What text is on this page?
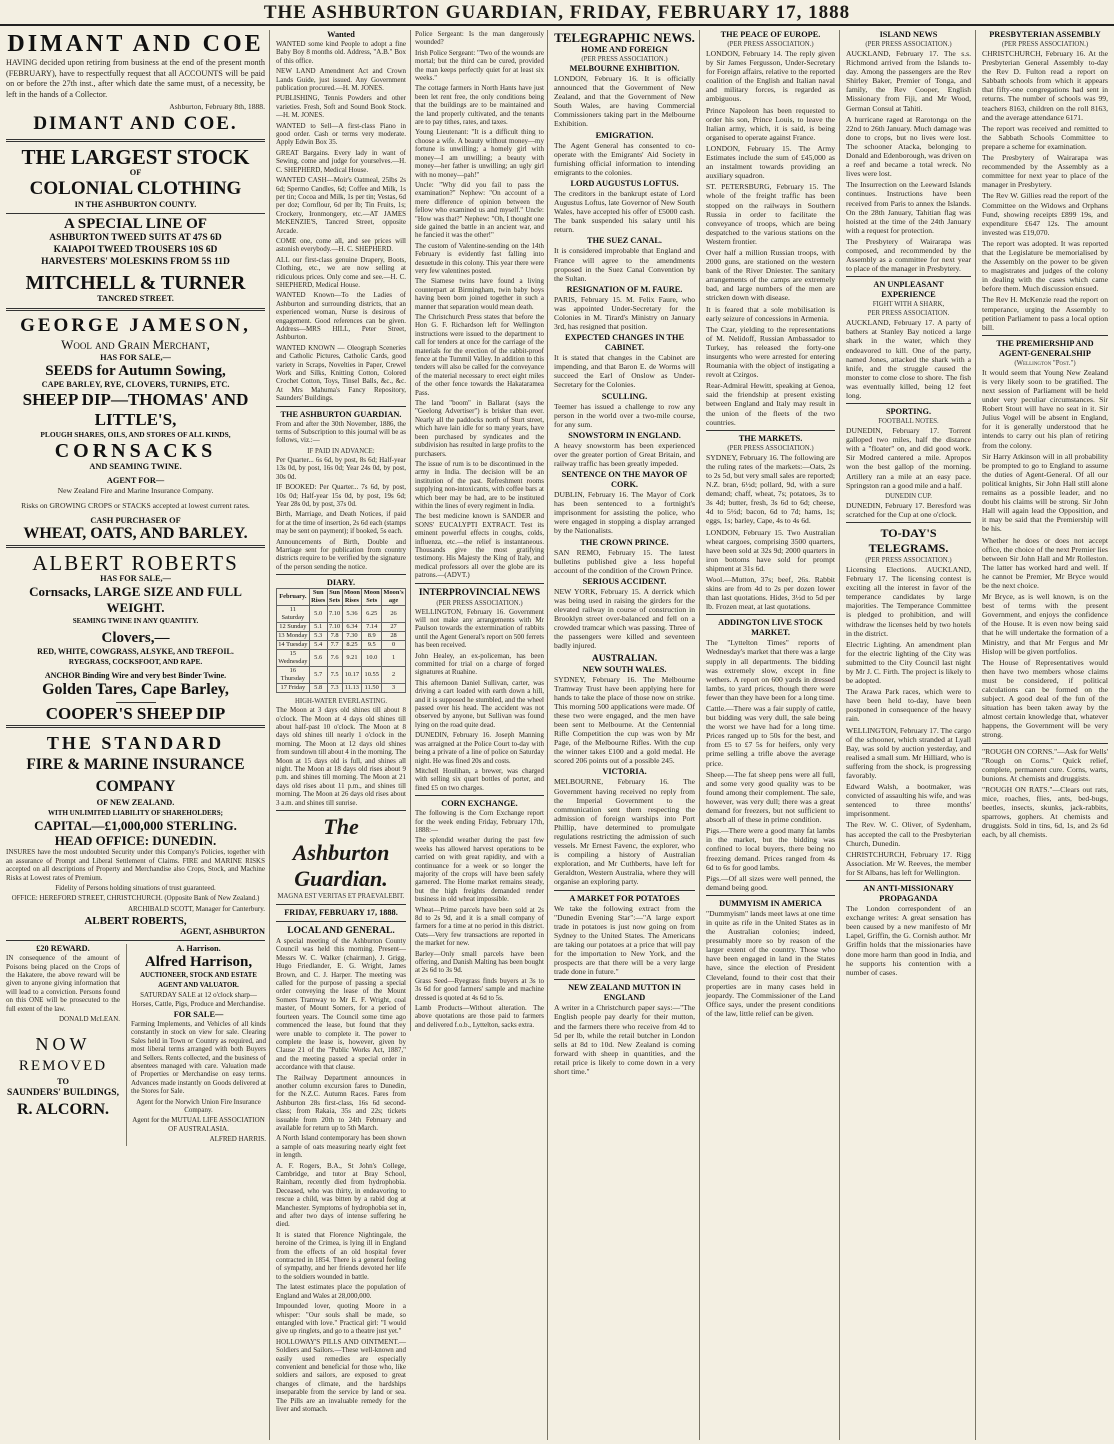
THE ASHBURTON GUARDIAN, FRIDAY, FEBRUARY 17, 1888
DIMANT AND COE

HAVING decided upon retiring from business at the end of the present month (FEBRUARY), have to respectfully request that all ACCOUNTS will be paid on or before the 27th inst., after which date the same must, of a necessity, be left in the hands of a Collector.

Ashburton, February 8th, 1888.

DIMANT AND COE.
THE LARGEST STOCK
OF
COLONIAL CLOTHING
IN THE ASHBURTON COUNTY.
A SPECIAL LINE OF
ASHBURTON TWEED SUITS AT 47S 6D
KAIAPOI TWEED TROUSERS 10S 6D
HARVESTERS' MOLESKINS FROM 5S 11D
MITCHELL & TURNER
TANCRED STREET.
GEORGE JAMESON,
Wool and Grain Merchant,
HAS FOR SALE,—
SEEDS for Autumn Sowing,
CAPE BARLEY, RYE, CLOVERS, TURNIPS, ETC.
SHEEP DIP—THOMAS' AND LITTLE'S,
PLOUGH SHARES, OILS, AND STORES OF ALL KINDS,
CORNSACKS
AND SEAMING TWINE.
AGENT FOR—

New Zealand Fire and Marine Insurance Company.

Risks on GROWING CROPS or STACKS accepted at lowest current rates.

CASH PURCHASER OF
WHEAT, OATS, AND BARLEY.
ALBERT ROBERTS
HAS FOR SALE,—
Cornsacks, LARGE SIZE AND FULL WEIGHT.
SEAMING TWINE IN ANY QUANTITY.
Clovers,—
RED, WHITE, COWGRASS, ALSYKE, AND TREFOIL.
RYEGRASS, COCKSFOOT, AND RAPE.
ANCHOR Binding Wire and very best Binder Twine.
Golden Tares, Cape Barley,
COOPER'S SHEEP DIP
THE STANDARD
FIRE & MARINE INSURANCE COMPANY
OF NEW ZEALAND.
WITH UNLIMITED LIABILITY OF SHAREHOLDERS;
CAPITAL—£1,000,000 STERLING.
HEAD OFFICE: DUNEDIN.

INSURES have the most undoubted Security under this Company's Policies, together with an assurance of Prompt and Liberal Settlement of Claims. FIRE and MARINE RISKS accepted on all descriptions of Property and Merchandise also Crops, Stock, and Machine Risks at Lowest rates of Premium.

Fidelity of Persons holding situations of trust guaranteed.

OFFICE: HEREFORD STREET, CHRISTCHURCH. (Opposite Bank of New Zealand.)

ARCHIBALD SCOTT, Manager for Canterbury.

ALBERT ROBERTS,
AGENT, ASHBURTON
£20 REWARD.

IN consequence of the amount of Poisons being placed on the Crops of the Hakatere, the above reward will be given to anyone giving information that will lead to a conviction. Persons found on this ONE will be prosecuted to the full extent of the law.

DONALD McLEAN.

NOW
REMOVED
TO
SAUNDERS' BUILDINGS,
R. ALCORN.
A. Harrison.
Alfred Harrison,
AUCTIONEER, STOCK AND ESTATE AGENT AND VALUATOR.

SATURDAY SALE at 12 o'clock sharp—Horses, Cattle, Pigs, Produce and Merchandise.

FOR SALE—

Farming Implements, and Vehicles of all kinds constantly in stock on view for sale. Clearing Sales held in Town or Country as required, and most liberal terms arranged with both Buyers and Sellers. Rents collected, and the business of absentees managed with care. Valuation made of Properties or Merchandise on easy terms. Advances made instantly on Goods delivered at the Stores for Sale.

Agent for the Norwich Union Fire Insurance Company.

Agent for the MUTUAL LIFE ASSOCIATION OF AUSTRALASIA.

ALFRED HARRIS.

Wanted

WANTED some kind People to adopt a fine Baby Boy 8 months old. Address, "A.B." Box of this office.

NEW LAND Amendment Act and Crown Lands Guide, just issued. Any Government publication procured.—H. M. JONES.

PUBLISHING, Tennis Powders and other varieties. Fresh, Soft and Sound Book Stock.—H. M. JONES.

WANTED to Sell—A first-class Piano in good order. Cash or terms very moderate. Apply Edwin Box 35.

GREAT Bargains. Every lady in want of Sewing, come and judge for yourselves.—H. C. SHEPHERD, Medical House.

WANTED CASH—Moir's Oatmeal, 25lbs 2s 6d; Spermo Candles, 6d; Coffee and Milk, 1s per tin; Cocoa and Milk, 1s per tin; Vestas, 6d per doz; Cornflour, 6d per lb; Tin Fruits, 1s; Crockery, Ironmongery, etc.—AT JAMES McKENZIE'S, Tancred Street, opposite Arcade.

COME one, come all, and see prices will astonish everybody.—H. C. SHEPHERD.

ALL our first-class genuine Drapery, Boots, Clothing, etc., we are now selling at ridiculous prices. Only come and see.—H. C. SHEPHERD, Medical House.

WANTED Known—To the Ladies of Ashburton and surrounding districts, that an experienced woman, Nurse is desirous of engagement. Good references can be given. Address—MRS HILL, Peter Street, Ashburton.

WANTED KNOWN — Oleograph Sceneries and Catholic Pictures, Catholic Cards, good variety in Scraps, Novelties in Paper, Crewel Work and Silks, Knitting Cotton, Colored Crochet Cotton, Toys, Tinsel Balls, &c., &c. At Mrs Mahuma's Fancy Repository, Saunders' Buildings.

THE ASHBURTON GUARDIAN.

From and after the 30th November, 1886, the terms of Subscription to this journal will be as follows, viz.:—

IF PAID IN ADVANCE:

Per Quarter... 6s 6d, by post, 8s 6d; Half-year 13s 0d, by post, 16s 0d; Year 24s 0d, by post, 30s 0d.

IF BOOKED: Per Quarter... 7s 6d, by post, 10s 0d; Half-year 15s 0d, by post, 19s 6d; Year 28s 0d, by post, 37s 0d.

Birth, Marriage, and Death Notices, if paid for at the time of insertion, 2s 6d each (stamps may be sent on payment); if booked, 5s each.

Announcements of Birth, Double and Marriage sent for publication from country districts require to be verified by the signature of the person sending the notice.

DIARY.
February.	Sun Rises	Sun Sets	Moon Rises	Moon Sets	Moon's age
11 Saturday	5.0	7.10	5.36	6.25	26
12 Sunday	5.1	7.10	6.34	7.14	27
13 Monday	5.3	7.8	7.30	8.9	28
14 Tuesday	5.4	7.7	8.25	9.5	0
15 Wednesday	5.6	7.6	9.21	10.0	1
16 Thursday	5.7	7.5	10.17	10.55	2
17 Friday	5.8	7.3	11.13	11.50	3
HIGH-WATER EVERLASTING.

The Moon at 3 days old shines till about 8 o'clock. The Moon at 4 days old shines till about half-past 10 o'clock. The Moon at 8 days old shines till nearly 1 o'clock in the morning. The Moon at 12 days old shines from sundown till about 4 in the morning. The Moon at 15 days old is full, and shines all night. The Moon at 18 days old rises about 9 p.m. and shines till morning. The Moon at 21 days old rises about 11 p.m., and shines till morning. The Moon at 26 days old rises about 3 a.m. and shines till sunrise.

The Ashburton Guardian.
MAGNA EST VERITAS ET PRAEVALEBIT.
FRIDAY, FEBRUARY 17, 1888.
LOCAL AND GENERAL.

A special meeting of the Ashburton County Council was held this morning. Present—Messrs W. C. Walker (chairman), J. Grigg, Hugo Friedlander, E. G. Wright, James Brown, and C. J. Harper. The meeting was called for the purpose of passing a special order conveying the lease of the Mount Somers Tramway to Mr E. F. Wright, coal master, of Mount Somers, for a period of fourteen years. The Council some time ago commenced the lease, but found that they were unable to complete it. The power to complete the lease is, however, given by Clause 21 of the "Public Works Act, 1887," and the meeting passed a special order in accordance with that clause.

The Railway Department announces in another column excursion fares to Dunedin, for the N.Z.C. Autumn Races. Fares from Ashburton 28s first-class, 16s 6d second-class; from Rakaia, 35s and 22s; tickets issuable from 20th to 24th February and available for return up to 5th March.

A North Island contemporary has been shown a sample of oats measuring nearly eight feet in length.

A. F. Rogers, B.A., St John's College, Cambridge, and tutor at Bray School, Rainham, recently died from hydrophobia. Deceased, who was thirty, in endeavoring to rescue a child, was bitten by a rabid dog at Manchester. Symptoms of hydrophobia set in, and after two days of intense suffering he died.

It is stated that Florence Nightingale, the heroine of the Crimea, is lying ill in England from the effects of an old hospital fever contracted in 1854. There is a general feeling of sympathy, and her friends devoted her life to the soldiers wounded in battle.

The latest estimates place the population of England and Wales at 28,000,000.

Impounded lover, quoting Moore in a whisper: "Our souls shall be made, so entangled with love." Practical girl: "I would give up ringlets, and go to a theatre just yet."

HOLLOWAY'S PILLS AND OINTMENT.—Soldiers and Sailors.—These well-known and easily used remedies are especially convenient and beneficial for those who, like soldiers and sailors, are exposed to great changes of climate, and the hardships inseparable from the service by land or sea. The Pills are an invaluable remedy for the liver and stomach.

Police Sergeant: Is the man dangerously wounded?

Irish Police Sergeant: "Two of the wounds are mortal; but the third can be cured, provided the man keeps perfectly quiet for at least six weeks."

The cottage farmers in North Hants have just been let rent free, the only conditions being that the buildings are to be maintained and the land properly cultivated, and the tenants are to pay tithes, rates, and taxes.

Young Lieutenant: "It is a difficult thing to choose a wife. A beauty without money—my fortune is unwilling; a homely girl with money—I am unwilling; a beauty with money—her father is unwilling; an ugly girl with no money—pah!"

Uncle: "Why did you fail to pass the examination?" Nephew: "On account of a mere difference of opinion between the fellow who examined us and myself." Uncle: "How was that?" Nephew: "Oh, I thought one side gained the battle in an ancient war, and he fancied it was the other!"

The custom of Valentine-sending on the 14th February is evidently fast falling into desuetude in this colony. This year there were very few valentines posted.

The Siamese twins have found a living counterpart at Birmingham, twin baby boys having been born joined together in such a manner that separation would mean death.

The Christchurch Press states that before the Hon G. F. Richardson left for Wellington instructions were issued to the department to call for tenders at once for the carriage of the materials for the erection of the rabbit-proof fence at the Tummil Valley. In addition to this tenders will also be called for the conveyance of the material necessary to erect eight miles of the other fence towards the Hakataramea Pass.

The land "boom" in Ballarat (says the "Geelong Advertiser") is brisker than ever. Nearly all the paddocks north of Sturt street, which have lain idle for so many years, have been purchased by syndicates and the subdivision has resulted in large profits to the purchasers.

The issue of rum is to be discontinued in the army in India. The decision will be an institution of the past. Refreshment rooms supplying non-intoxicants, with coffee bars at which beer may be had, are to be instituted within the lines of every regiment in India.

The best medicine known is SANDER and SONS' EUCALYPTI EXTRACT. Test its eminent powerful effects in coughs, colds, influenza, etc.—the relief is instantaneous. Thousands give the most gratifying testimony. His Majesty the King of Italy, and medical professors all over the globe are its patrons.—(ADVT.)

INTERPROVINCIAL NEWS
(PER PRESS ASSOCIATION.)

WELLINGTON, February 16. Government will not make any arrangements with Mr Paulson towards the extermination of rabbits until the Agent General's report on 500 ferrets has been received.

John Healey, an ex-policeman, has been committed for trial on a charge of forged signatures at Ruahine.

This afternoon Daniel Sullivan, carter, was driving a cart loaded with earth down a hill, and it is supposed he stumbled, and the wheel passed over his head. The accident was not observed by anyone, but Sullivan was found lying on the road quite dead.

DUNEDIN, February 16. Joseph Manning was arraigned at the Police Court to-day with being a private of a line of police on Saturday night. He was fined 20s and costs.

Mitchell Houlihan, a brewer, was charged with selling six quart bottles of porter, and fined £5 on two charges.

CORN EXCHANGE.

The following is the Corn Exchange report for the week ending Friday, February 17th, 1888:—

The splendid weather during the past few weeks has allowed harvest operations to be carried on with great rapidity, and with a continuance for a week or so longer the majority of the crops will have been safely garnered. The Home market remains steady, but the high freights demanded render business in old wheat impossible.

Wheat—Prime parcels have been sold at 2s 8d to 2s 9d, and it is a small company of farmers for a time at no period in this district. Oats—Very few transactions are reported in the market for new.

Barley—Only small parcels have been offering, and Danish Malting has been bought at 2s 6d to 3s 9d.

Grass Seed—Ryegrass finds buyers at 3s to 3s 6d for good farmers' sample and machine dressed is quoted at 4s 6d to 5s.

Lamb Products—Without alteration. The above quotations are those paid to farmers and delivered f.o.b., Lyttelton, sacks extra.

TELEGRAPHIC NEWS.
HOME AND FOREIGN
(PER PRESS ASSOCIATION.)
MELBOURNE EXHIBITION.

LONDON, February 16. It is officially announced that the Government of New Zealand, and that the Government of New South Wales, are having Commercial Commissioners taking part in the Melbourne Exhibition.

EMIGRATION.

The Agent General has consented to co-operate with the Emigrants' Aid Society in furnishing official information to intending emigrants to the colonies.

LORD AUGUSTUS LOFTUS.

The creditors in the bankrupt estate of Lord Augustus Loftus, late Governor of New South Wales, have accepted his offer of £5000 cash. The bank suspended his salary until his return.

THE SUEZ CANAL.

It is considered improbable that England and France will agree to the amendments proposed in the Suez Canal Convention by the Sultan.

RESIGNATION OF M. FAURE.

PARIS, February 15. M. Felix Faure, who was appointed Under-Secretary for the Colonies in M. Tirard's Ministry on January 3rd, has resigned that position.

EXPECTED CHANGES IN THE CABINET.

It is stated that changes in the Cabinet are impending, and that Baron E. de Worms will succeed the Earl of Onslow as Under-Secretary for the Colonies.

SCULLING.

Teemer has issued a challenge to row any person in the world over a two-mile course, for any sum.

SNOWSTORM IN ENGLAND.

A heavy snowstorm has been experienced over the greater portion of Great Britain, and railway traffic has been greatly impeded.

SENTENCE ON THE MAYOR OF CORK.

DUBLIN, February 16. The Mayor of Cork has been sentenced to a fortnight's imprisonment for assisting the police, who were engaged in stopping a display arranged by the Nationalists.

THE CROWN PRINCE.

SAN REMO, February 15. The latest bulletins published give a less hopeful account of the condition of the Crown Prince.

SERIOUS ACCIDENT.

NEW YORK, February 15. A derrick which was being used in raising the girders for the elevated railway in course of construction in Brooklyn street over-balanced and fell on a crowded tramcar which was passing. Three of the passengers were killed and seventeen badly injured.

AUSTRALIAN.
NEW SOUTH WALES.

SYDNEY, February 16. The Melbourne Tramway Trust have been applying here for hands to take the place of those now on strike. This morning 500 applications were made. Of these two were engaged, and the men have been sent to Melbourne. At the Centennial Rifle Competition the cup was won by Mr Page, of the Melbourne Rifles. With the cup the winner takes £100 and a gold medal. He scored 206 points out of a possible 245.

VICTORIA.

MELBOURNE, February 16. The Government having received no reply from the Imperial Government to the communication sent them respecting the admission of foreign warships into Port Phillip, have determined to promulgate regulations restricting the admission of such vessels. Mr Ernest Favenc, the explorer, who is compiling a history of Australian exploration, and Mr Cuthberts, have left for Geraldton, Western Australia, where they will organise an exploring party.

A MARKET FOR POTATOES

We take the following extract from the "Dunedin Evening Star":—"A large export trade in potatoes is just now going on from Sydney to the United States. The Americans are taking our potatoes at a price that will pay for the importation to New York, and the prospects are that there will be a very large trade done in future."

NEW ZEALAND MUTTON IN ENGLAND

A writer in a Christchurch paper says:—"The English people pay dearly for their mutton, and the farmers there who receive from 4d to 5d per lb, while the retail butcher in London sells at 8d to 10d. New Zealand is coming forward with sheep in quantities, and the retail price is likely to come down in a very short time."

THE PEACE OF EUROPE.
(PER PRESS ASSOCIATION.)

LONDON, February 14. The reply given by Sir James Fergusson, Under-Secretary for Foreign affairs, relative to the reported coalition of the English and Italian naval and military forces, is regarded as ambiguous.

Prince Napoleon has been requested to order his son, Prince Louis, to leave the Italian army, which, it is said, is being organised to operate against France.

LONDON, February 15. The Army Estimates include the sum of £45,000 as an instalment towards providing an auxiliary squadron.

ST. PETERSBURG, February 15. The whole of the freight traffic has been stopped on the railways in Southern Russia in order to facilitate the conveyance of troops, which are being despatched to the various stations on the Western frontier.

Over half a million Russian troops, with 2000 guns, are stationed on the western bank of the River Dniester. The sanitary arrangements of the camps are extremely bad, and large numbers of the men are stricken down with disease.

It is feared that a sole mobilisation is early seizure of concessions in Armenia.

The Czar, yielding to the representations of M. Nelidoff, Russian Ambassador to Turkey, has released the forty-one insurgents who were arrested for entering Roumania with the object of instigating a revolt at Czirgos.

Rear-Admiral Hewitt, speaking at Genoa, said the friendship at present existing between England and Italy may result in the union of the fleets of the two countries.

THE MARKETS.
(PER PRESS ASSOCIATION.)

SYDNEY, February 16. The following are the ruling rates of the markets:—Oats, 2s to 2s 5d, but very small sales are reported; N.Z. bran, 6½d; pollard, 9d, with a sure demand; chaff, wheat, 7s; potatoes, 3s to 3s 4d; butter, fresh, 3s 6d to 6d; cheese, 4d to 5½d; bacon, 6d to 7d; hams, 1s; eggs, 1s; barley, Cape, 4s to 4s 6d.

LONDON, February 15. Two Australian wheat cargoes, comprising 3500 quarters, have been sold at 32s 9d; 2000 quarters in iron bottoms have sold for prompt shipment at 31s 6d.

Wool.—Mutton, 37s; beef, 26s. Rabbit skins are from 4d to 2s per dozen lower than last quotations. Hides, 3½d to 5d per lb. Frozen meat, at last quotations.

ADDINGTON LIVE STOCK MARKET.

The "Lyttelton Times" reports of Wednesday's market that there was a large supply in all departments. The bidding was extremely slow, except in fine wethers. A report on 600 yards in dressed lambs, to yard prices, though there were fewer than they have been for a long time.

Cattle.—There was a fair supply of cattle, but bidding was very dull, the sale being the worst we have had for a long time. Prices ranged up to 50s for the best, and from £5 to £7 5s for heifers, only very prime selling a trifle above the average price.

Sheep.—The fat sheep pens were all full, and some very good quality was to be found among their complement. The sale, however, was very dull; there was a great demand for freezers, but not sufficient to absorb all of these in prime condition.

Pigs.—There were a good many fat lambs in the market, but the bidding was confined to local buyers, there being no freezing demand. Prices ranged from 4s 6d to 6s for good lambs.

Pigs.—Of all sizes were well penned, the demand being good.

DUMMYISM IN AMERICA

"Dummyism" lands meet laws at one time in quite as rife in the United States as in the Australian colonies; indeed, presumably more so by reason of the larger extent of the country. Those who have been engaged in land in the States have, since the election of President Cleveland, found to their cost that their properties are in many cases held in jeopardy. The Commissioner of the Land Office says, under the present conditions of the law, little relief can be given.

ISLAND NEWS
(PER PRESS ASSOCIATION.)

AUCKLAND, February 17. The s.s. Richmond arrived from the Islands to-day. Among the passengers are the Rev Shirley Baker, Premier of Tonga, and family, the Rev Cooper, English Missionary from Fiji, and Mr Wood, German Consul at Tahiti.

A hurricane raged at Rarotonga on the 22nd to 26th January. Much damage was done to crops, but no lives were lost. The schooner Atacka, belonging to Donald and Edenborough, was driven on a reef and became a total wreck. No lives were lost.

The Insurrection on the Leeward Islands continues. Instructions have been received from Paris to annex the Islands. On the 28th January, Tahitian flag was hoisted at the time of the 24th January with a request for protection.

The Presbytery of Wairarapa was composed, and recommended by the Assembly as a committee for next year to place of the manager in Presbytery.

AN UNPLEASANT EXPERIENCE
FIGHT WITH A SHARK,
PER PRESS ASSOCIATION.

AUCKLAND, February 17. A party of bathers at Stanley Bay noticed a large shark in the water, which they endeavored to kill. One of the party, named Jones, attacked the shark with a knife, and the struggle caused the monster to come close to shore. The fish was eventually killed, being 12 feet long.

SPORTING.
FOOTBALL NOTES.

DUNEDIN, February 17. Torrent galloped two miles, half the distance with a "floater" on, and did good work. Sir Modred cantered a mile. Apropos won the best gallop of the morning. Artillery ran a mile at an easy pace. Springston ran a good mile and a half.

DUNEDIN CUP.

DUNEDIN, February 17. Beresford was scratched for the Cup at one o'clock.

TO-DAY'S TELEGRAMS.
(PER PRESS ASSOCIATION.)

Licensing Elections. AUCKLAND, February 17. The licensing contest is exciting all the interest in favor of the temperance candidates by large majorities. The Temperance Committee is pledged to prohibition, and will withdraw the licenses held by two hotels in the district.

Electric Lighting. An amendment plan for the electric lighting of the City was submitted to the City Council last night by Mr J. C. Firth. The project is likely to be adopted.

The Arawa Park races, which were to have been held to-day, have been postponed in consequence of the heavy rain.

WELLINGTON, February 17. The cargo of the schooner, which stranded at Lyall Bay, was sold by auction yesterday, and realised a small sum. Mr Hilliard, who is suffering from the shock, is progressing favorably.

Edward Walsh, a bootmaker, was convicted of assaulting his wife, and was sentenced to three months' imprisonment.

The Rev. W. C. Oliver, of Sydenham, has accepted the call to the Presbyterian Church, Dunedin.

CHRISTCHURCH, February 17. Rigg Association. Mr W. Reeves, the member for St Albans, has left for Wellington.

AN ANTI-MISSIONARY PROPAGANDA

The London correspondent of an exchange writes: A great sensation has been caused by a new manifesto of Mr Lapel, Griffin, the G. Cornish author. Mr Griffin holds that the missionaries have done more harm than good in India, and he supports his contention with a number of cases.

PRESBYTERIAN ASSEMBLY
(PER PRESS ASSOCIATION.)

CHRISTCHURCH, February 16. At the Presbyterian General Assembly to-day the Rev D. Fulton read a report on Sabbath schools from which it appears that fifty-one congregations had sent in returns. The number of schools was 99, teachers 8163, children on the roll 8163, and the average attendance 6171.

The report was received and remitted to the Sabbath Schools Committee to prepare a scheme for examination.

The Presbytery of Wairarapa was recommended by the Assembly as a committee for next year to place of the manager in Presbytery.

The Rev W. Gillies read the report of the Committee on the Widows and Orphans Fund, showing receipts £899 19s, and expenditure £647 12s. The amount invested was £19,070.

The report was adopted. It was reported that the Legislature be memorialised by the Assembly on the power to be given to magistrates and judges of the colony in dealing with the cases which came before them. Much discussion ensued.

The Rev H. McKenzie read the report on temperance, urging the Assembly to petition Parliament to pass a local option bill.

THE PREMIERSHIP AND AGENT-GENERALSHIP
(Wellington "Post.")

It would seem that Young New Zealand is very likely soon to be gratified. The next session of Parliament will be held under very peculiar circumstances. Sir Robert Stout will have no seat in it. Sir Julius Vogel will be absent in England, for it is generally understood that he intends to carry out his plan of retiring from the colony.

Sir Harry Atkinson will in all probability be prompted to go to England to assume the duties of Agent-General. Of all our political knights, Sir John Hall still alone remains as a possible leader, and no doubt his claims will be strong. Sir John Hall will again lead the Opposition, and it may be said that the Premiership will be his.

Whether he does or does not accept office, the choice of the next Premier lies between Sir John Hall and Mr Rolleston. The latter has worked hard and well. If he cannot be Premier, Mr Bryce would be the next choice.

Mr Bryce, as is well known, is on the best of terms with the present Government, and enjoys the confidence of the House. It is even now being said that he will undertake the formation of a Ministry, and that Mr Fergus and Mr Hislop will be given portfolios.

The House of Representatives would then have two members whose claims must be considered, if political calculations can be formed on the subject. A good deal of the fun of the situation has been taken away by the almost certain knowledge that, whatever happens, the Government will be very strong.

"ROUGH ON CORNS."—Ask for Wells' "Rough on Corns." Quick relief, complete, permanent cure. Corns, warts, bunions. At chemists and druggists.

"ROUGH ON RATS."—Clears out rats, mice, roaches, flies, ants, bed-bugs, beetles, insects, skunks, jack-rabbits, sparrows, gophers. At chemists and druggists. Sold in tins, 6d, 1s, and 2s 6d each, by all chemists.
